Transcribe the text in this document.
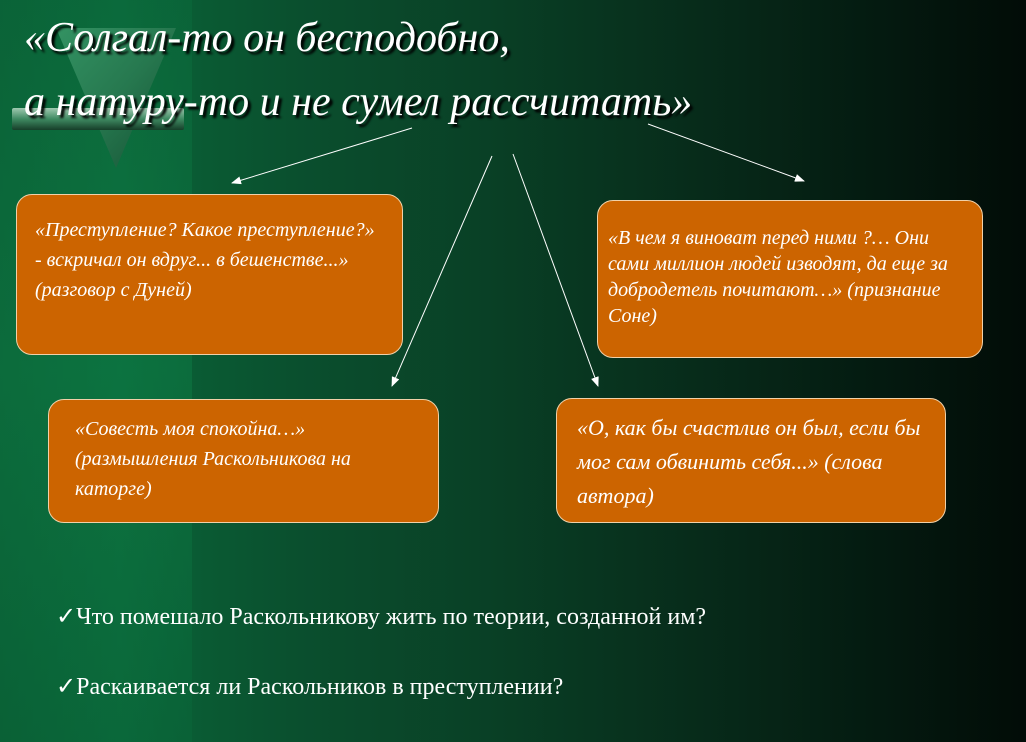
«Солгал-то он бесподобно,
а натуру-то и не сумел рассчитать»

«Преступление? Какое преступление?» - вскричал он вдруг... в бешенстве...» (разговор с Дуней)

«В чем я виноват перед ними ?… Они сами миллион людей изводят, да еще за добродетель почитают…» (признание Соне)

«Совесть моя спокойна…» (размышления Раскольникова на каторге)

«О, как бы счастлив он был, если бы мог сам обвинить себя...» (слова автора)

✓Что помешало Раскольникову жить по теории, созданной им?

✓Раскаивается ли Раскольников в преступлении?
